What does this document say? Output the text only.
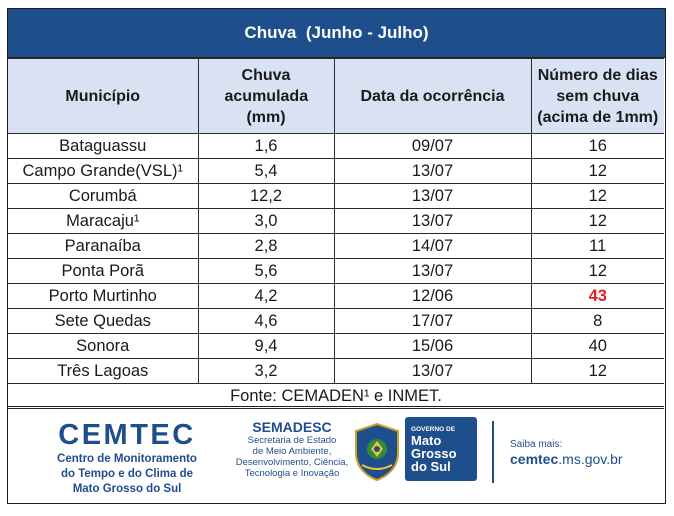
Chuva  (Junho - Julho)
Município	Chuva acumulada (mm)	Data da ocorrência	Número de dias sem chuva (acima de 1mm)
Bataguassu	1,6	09/07	16
Campo Grande(VSL)¹	5,4	13/07	12
Corumbá	12,2	13/07	12
Maracaju¹	3,0	13/07	12
Paranaíba	2,8	14/07	11
Ponta Porã	5,6	13/07	12
Porto Murtinho	4,2	12/06	43
Sete Quedas	4,6	17/07	8
Sonora	9,4	15/06	40
Três Lagoas	3,2	13/07	12
Fonte: CEMADEN¹ e INMET.			
CEMTEC
Centro de Monitoramento
do Tempo e do Clima de
Mato Grosso do Sul
SEMADESC
Secretaria de Estado
de Meio Ambiente,
Desenvolvimento, Ciência,
Tecnologia e Inovação
GOVERNO DE
Mato
Grosso
do Sul
Saiba mais:
cemtec.ms.gov.br
